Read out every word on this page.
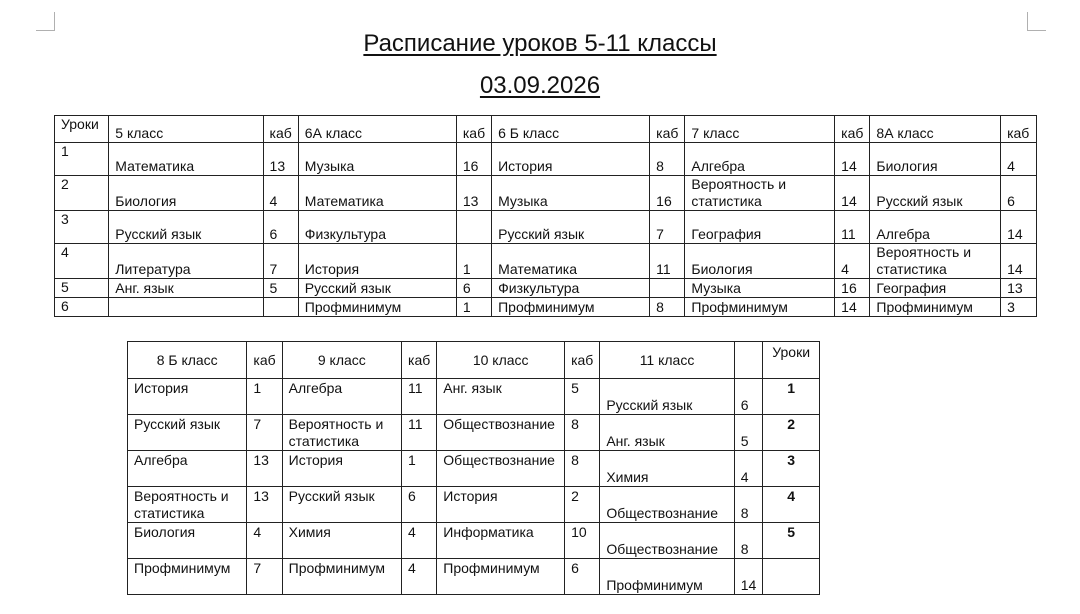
Расписание уроков 5-11 классы
03.09.2026
Уроки	5 класс	каб	6А класс	каб	6 Б класс	каб	7 класс	каб	8А класс	каб
1	Математика	13	Музыка	16	История	8	Алгебра	14	Биология	4
2	Биология	4	Математика	13	Музыка	16	Вероятность и статистика	14	Русский язык	6
3	Русский язык	6	Физкультура		Русский язык	7	География	11	Алгебра	14
4	Литература	7	История	1	Математика	11	Биология	4	Вероятность и статистика	14
5	Анг. язык	5	Русский язык	6	Физкультура		Музыка	16	География	13
6			Профминимум	1	Профминимум	8	Профминимум	14	Профминимум	3
8 Б класс	каб	9 класс	каб	10 класс	каб	11 класс		Уроки
История	1	Алгебра	11	Анг. язык	5	Русский язык	6	1
Русский язык	7	Вероятность и статистика	11	Обществознание	8	Анг. язык	5	2
Алгебра	13	История	1	Обществознание	8	Химия	4	3
Вероятность и статистика	13	Русский язык	6	История	2	Обществознание	8	4
Биология	4	Химия	4	Информатика	10	Обществознание	8	5
Профминимум	7	Профминимум	4	Профминимум	6	Профминимум	14	
